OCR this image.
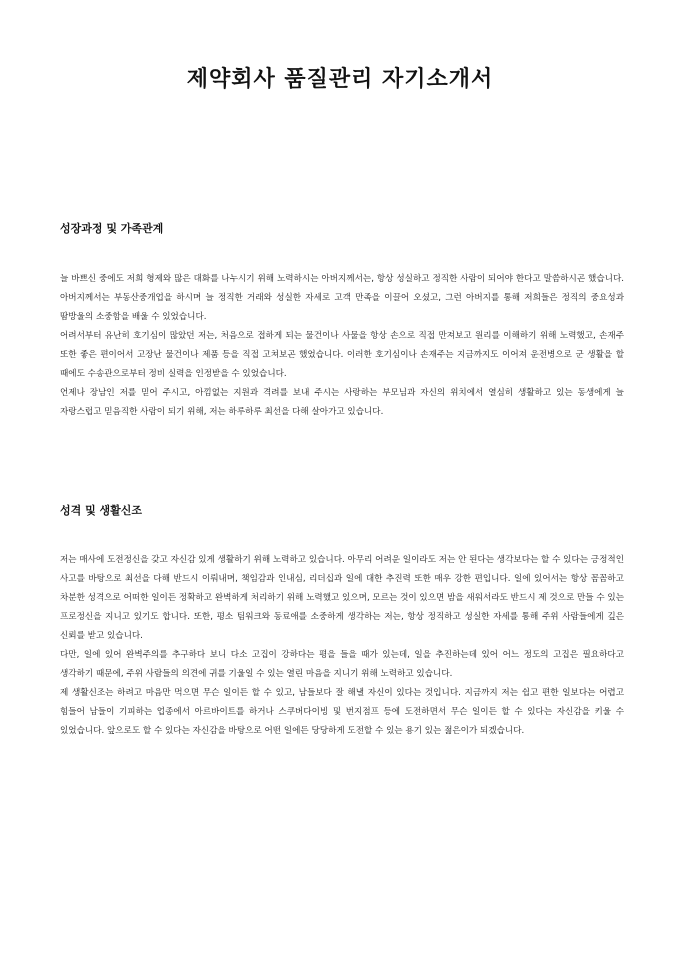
제약회사 품질관리 자기소개서
성장과정 및 가족관계

늘 바쁘신 중에도 저희 형제와 많은 대화를 나누시기 위해 노력하시는 아버지께서는, 항상 성실하고 정직한 사람이 되어야 한다고 말씀하시곤 했습니다. 아버지께서는 부동산중개업을 하시며 늘 정직한 거래와 성실한 자세로 고객 만족을 이끌어 오셨고, 그런 아버지를 통해 저희들은 정직의 중요성과 땀방울의 소중함을 배울 수 있었습니다.

어려서부터 유난히 호기심이 많았던 저는, 처음으로 접하게 되는 물건이나 사물을 항상 손으로 직접 만져보고 원리를 이해하기 위해 노력했고, 손재주 또한 좋은 편이어서 고장난 물건이나 제품 등을 직접 고쳐보곤 했었습니다. 이러한 호기심이나 손재주는 지금까지도 이어져 운전병으로 군 생활을 할 때에도 수송관으로부터 정비 실력을 인정받을 수 있었습니다.

언제나 장남인 저를 믿어 주시고, 아낌없는 지원과 격려를 보내 주시는 사랑하는 부모님과 자신의 위치에서 열심히 생활하고 있는 동생에게 늘 자랑스럽고 믿음직한 사람이 되기 위해, 저는 하루하루 최선을 다해 살아가고 있습니다.

성격 및 생활신조

저는 매사에 도전정신을 갖고 자신감 있게 생활하기 위해 노력하고 있습니다. 아무리 어려운 일이라도 저는 안 된다는 생각보다는 할 수 있다는 긍정적인 사고를 바탕으로 최선을 다해 반드시 이뤄내며, 책임감과 인내심, 리더십과 일에 대한 추진력 또한 매우 강한 편입니다. 일에 있어서는 항상 꼼꼼하고 차분한 성격으로 어떠한 일이든 정확하고 완벽하게 처리하기 위해 노력했고 있으며, 모르는 것이 있으면 밤을 새워서라도 반드시 제 것으로 만들 수 있는 프로정신을 지니고 있기도 합니다. 또한, 평소 팀워크와 동료애를 소중하게 생각하는 저는, 항상 정직하고 성실한 자세를 통해 주위 사람들에게 깊은 신뢰를 받고 있습니다.

다만, 일에 있어 완벽주의를 추구하다 보니 다소 고집이 강하다는 평을 들을 때가 있는데, 일을 추진하는데 있어 어느 정도의 고집은 필요하다고 생각하기 때문에, 주위 사람들의 의견에 귀를 기울일 수 있는 열린 마음을 지니기 위해 노력하고 있습니다.

제 생활신조는 하려고 마음만 먹으면 무슨 일이든 할 수 있고, 남들보다 잘 해낼 자신이 있다는 것입니다. 지금까지 저는 쉽고 편한 일보다는 어렵고 힘들어 남들이 기피하는 업종에서 아르바이트를 하거나 스쿠버다이빙 및 번지점프 등에 도전하면서 무슨 일이든 할 수 있다는 자신감을 키울 수 있었습니다. 앞으로도 할 수 있다는 자신감을 바탕으로 어떤 일에든 당당하게 도전할 수 있는 용기 있는 젊은이가 되겠습니다.
